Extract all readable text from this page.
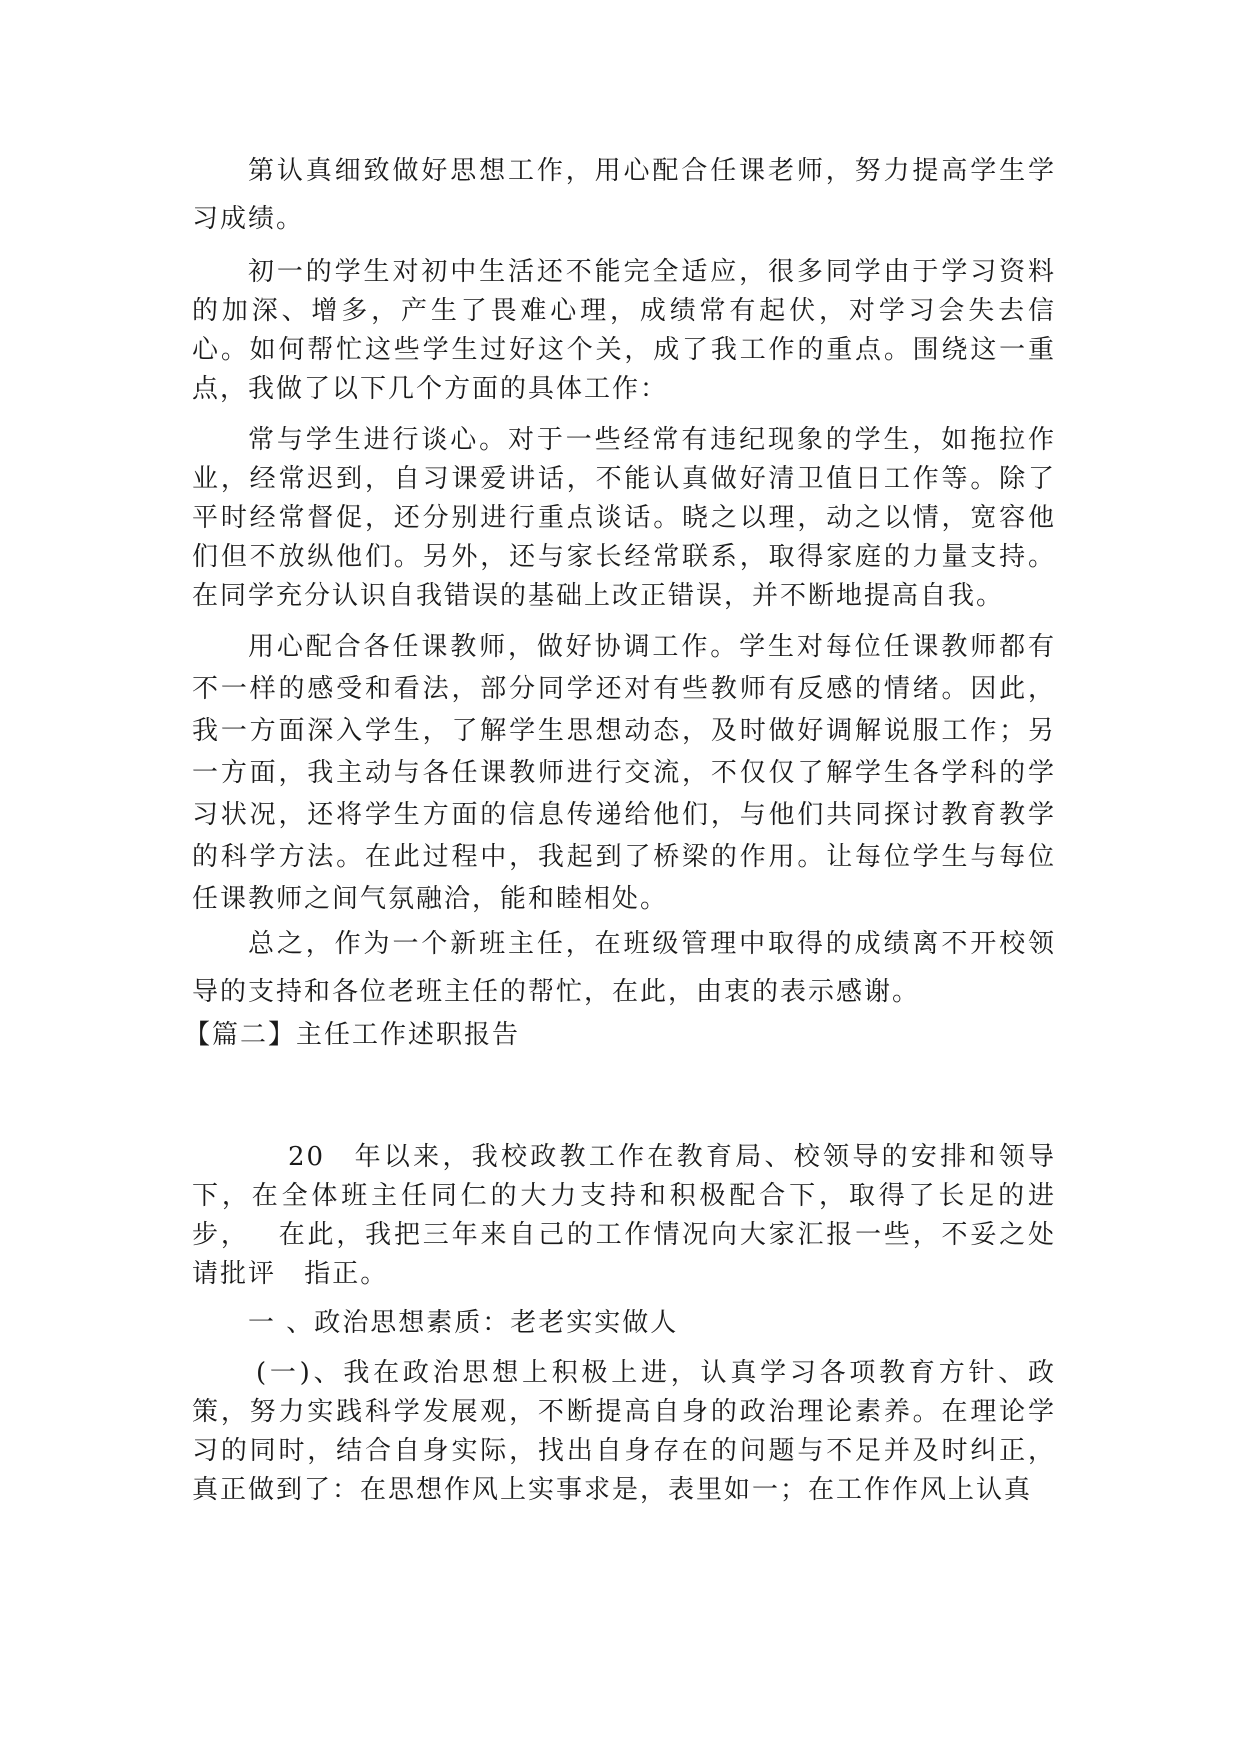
第认真细致做好思想工作，用心配合任课老师，努力提高学生学习成绩。

初一的学生对初中生活还不能完全适应，很多同学由于学习资料的加深、增多，产生了畏难心理，成绩常有起伏，对学习会失去信心。如何帮忙这些学生过好这个关，成了我工作的重点。围绕这一重点，我做了以下几个方面的具体工作：

常与学生进行谈心。对于一些经常有违纪现象的学生，如拖拉作业，经常迟到，自习课爱讲话，不能认真做好清卫值日工作等。除了平时经常督促，还分别进行重点谈话。晓之以理，动之以情，宽容他们但不放纵他们。另外，还与家长经常联系，取得家庭的力量支持。在同学充分认识自我错误的基础上改正错误，并不断地提高自我。

用心配合各任课教师，做好协调工作。学生对每位任课教师都有不一样的感受和看法，部分同学还对有些教师有反感的情绪。因此，我一方面深入学生，了解学生思想动态，及时做好调解说服工作；另一方面，我主动与各任课教师进行交流，不仅仅了解学生各学科的学习状况，还将学生方面的信息传递给他们，与他们共同探讨教育教学的科学方法。在此过程中，我起到了桥梁的作用。让每位学生与每位任课教师之间气氛融洽，能和睦相处。

总之，作为一个新班主任，在班级管理中取得的成绩离不开校领导的支持和各位老班主任的帮忙，在此，由衷的表示感谢。

【篇二】主任工作述职报告

20 年以来，我校政教工作在教育局、校领导的安排和领导 下，在全体班主任同仁的大力支持和积极配合下，取得了长足的进步， 在此，我把三年来自己的工作情况向大家汇报一些，不妥之处请批评 指正。

一 、政治思想素质：老老实实做人

(一)、我在政治思想上积极上进，认真学习各项教育方针、政策，努力实践科学发展观，不断提高自身的政治理论素养。在理论学习的同时，结合自身实际，找出自身存在的问题与不足并及时纠正，真正做到了：在思想作风上实事求是，表里如一；在工作作风上认真
